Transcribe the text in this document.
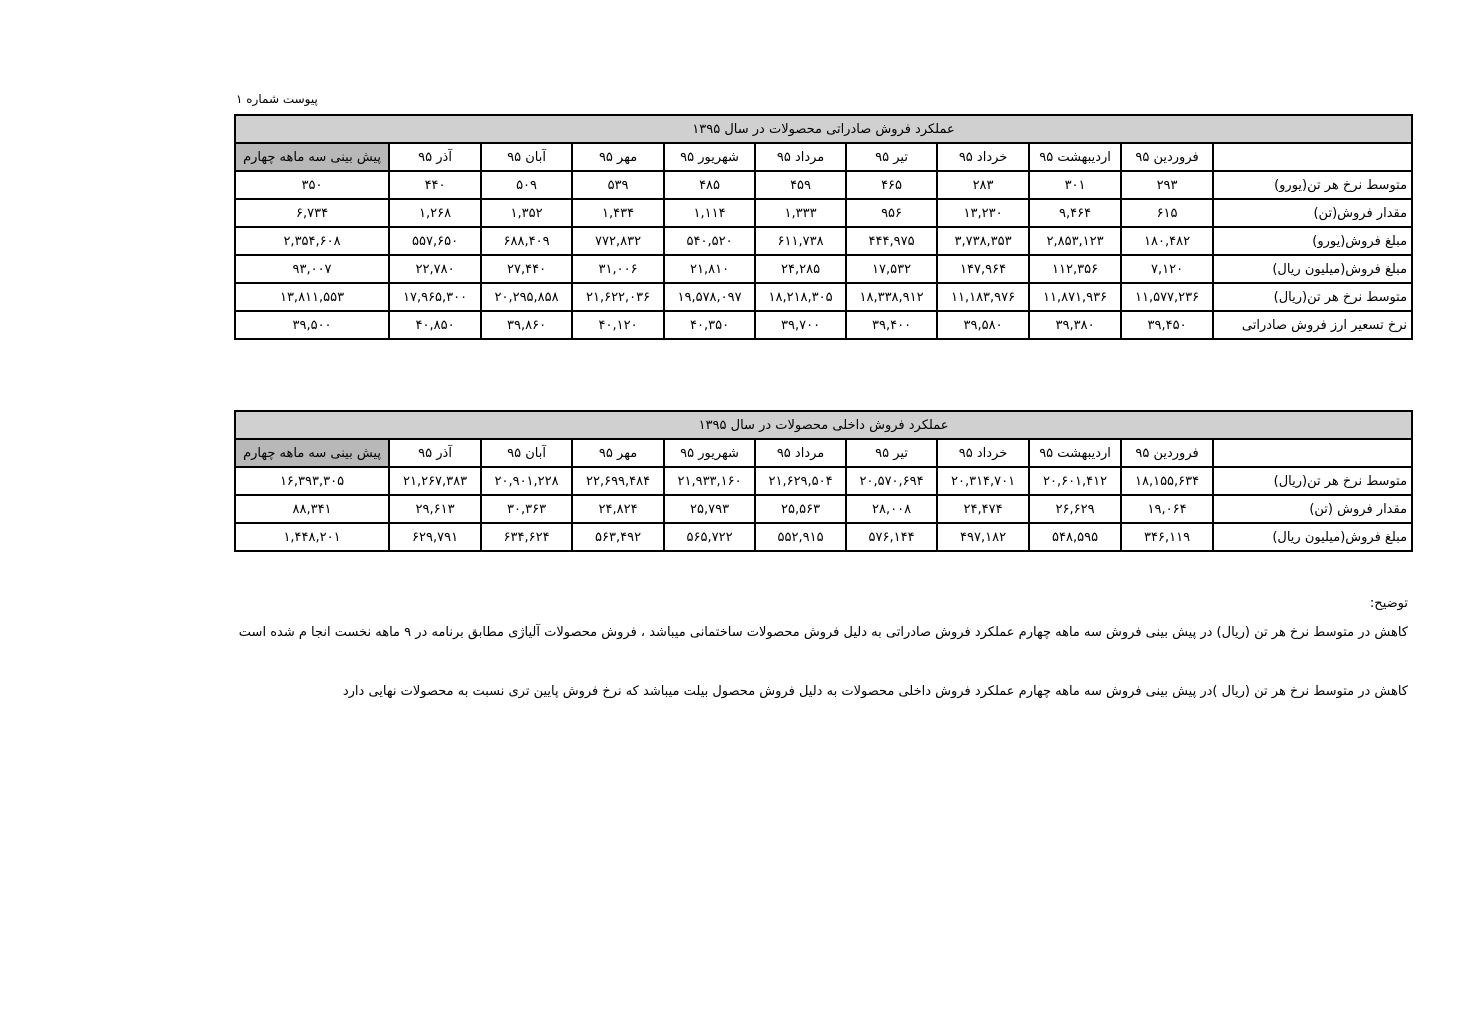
پیوست شماره ۱
عملکرد فروش صادراتی محصولات در سال ۱۳۹۵										
	فروردین ۹۵	اردیبهشت ۹۵	خرداد ۹۵	تیر ۹۵	مرداد ۹۵	شهریور ۹۵	مهر ۹۵	آبان ۹۵	آذر ۹۵	پیش بینی سه ماهه چهارم
متوسط نرخ هر تن(یورو)	۲۹۳	۳۰۱	۲۸۳	۴۶۵	۴۵۹	۴۸۵	۵۳۹	۵۰۹	۴۴۰	۳۵۰
مقدار فروش(تن)	۶۱۵	۹,۴۶۴	۱۳,۲۳۰	۹۵۶	۱,۳۳۳	۱,۱۱۴	۱,۴۳۴	۱,۳۵۲	۱,۲۶۸	۶,۷۳۴
مبلغ فروش(یورو)	۱۸۰,۴۸۲	۲,۸۵۳,۱۲۳	۳,۷۳۸,۳۵۳	۴۴۴,۹۷۵	۶۱۱,۷۳۸	۵۴۰,۵۲۰	۷۷۲,۸۳۲	۶۸۸,۴۰۹	۵۵۷,۶۵۰	۲,۳۵۴,۶۰۸
مبلغ فروش(میلیون ریال)	۷,۱۲۰	۱۱۲,۳۵۶	۱۴۷,۹۶۴	۱۷,۵۳۲	۲۴,۲۸۵	۲۱,۸۱۰	۳۱,۰۰۶	۲۷,۴۴۰	۲۲,۷۸۰	۹۳,۰۰۷
متوسط نرخ هر تن(ریال)	۱۱,۵۷۷,۲۳۶	۱۱,۸۷۱,۹۳۶	۱۱,۱۸۳,۹۷۶	۱۸,۳۳۸,۹۱۲	۱۸,۲۱۸,۳۰۵	۱۹,۵۷۸,۰۹۷	۲۱,۶۲۲,۰۳۶	۲۰,۲۹۵,۸۵۸	۱۷,۹۶۵,۳۰۰	۱۳,۸۱۱,۵۵۳
نرخ تسعیر ارز فروش صادراتی	۳۹,۴۵۰	۳۹,۳۸۰	۳۹,۵۸۰	۳۹,۴۰۰	۳۹,۷۰۰	۴۰,۳۵۰	۴۰,۱۲۰	۳۹,۸۶۰	۴۰,۸۵۰	۳۹,۵۰۰
عملکرد فروش داخلی محصولات در سال ۱۳۹۵										
	فروردین ۹۵	اردیبهشت ۹۵	خرداد ۹۵	تیر ۹۵	مرداد ۹۵	شهریور ۹۵	مهر ۹۵	آبان ۹۵	آذر ۹۵	پیش بینی سه ماهه چهارم
متوسط نرخ هر تن(ریال)	۱۸,۱۵۵,۶۳۴	۲۰,۶۰۱,۴۱۲	۲۰,۳۱۴,۷۰۱	۲۰,۵۷۰,۶۹۴	۲۱,۶۲۹,۵۰۴	۲۱,۹۳۳,۱۶۰	۲۲,۶۹۹,۴۸۴	۲۰,۹۰۱,۲۲۸	۲۱,۲۶۷,۳۸۳	۱۶,۳۹۳,۳۰۵
مقدار فروش (تن)	۱۹,۰۶۴	۲۶,۶۲۹	۲۴,۴۷۴	۲۸,۰۰۸	۲۵,۵۶۳	۲۵,۷۹۳	۲۴,۸۲۴	۳۰,۳۶۳	۲۹,۶۱۳	۸۸,۳۴۱
مبلغ فروش(میلیون ریال)	۳۴۶,۱۱۹	۵۴۸,۵۹۵	۴۹۷,۱۸۲	۵۷۶,۱۴۴	۵۵۲,۹۱۵	۵۶۵,۷۲۲	۵۶۳,۴۹۲	۶۳۴,۶۲۴	۶۲۹,۷۹۱	۱,۴۴۸,۲۰۱
توضیح:
کاهش در متوسط نرخ هر تن (ریال) در پیش بینی فروش سه ماهه چهارم عملکرد فروش صادراتی به دلیل فروش محصولات ساختمانی میباشد ، فروش محصولات آلیاژی مطابق برنامه در ۹ ماهه نخست انجا م شده است
کاهش در متوسط نرخ هر تن (ریال )در پیش بینی فروش سه ماهه چهارم عملکرد فروش داخلی محصولات به دلیل فروش محصول بیلت میباشد که نرخ فروش پایین تری نسبت به محصولات نهایی دارد
